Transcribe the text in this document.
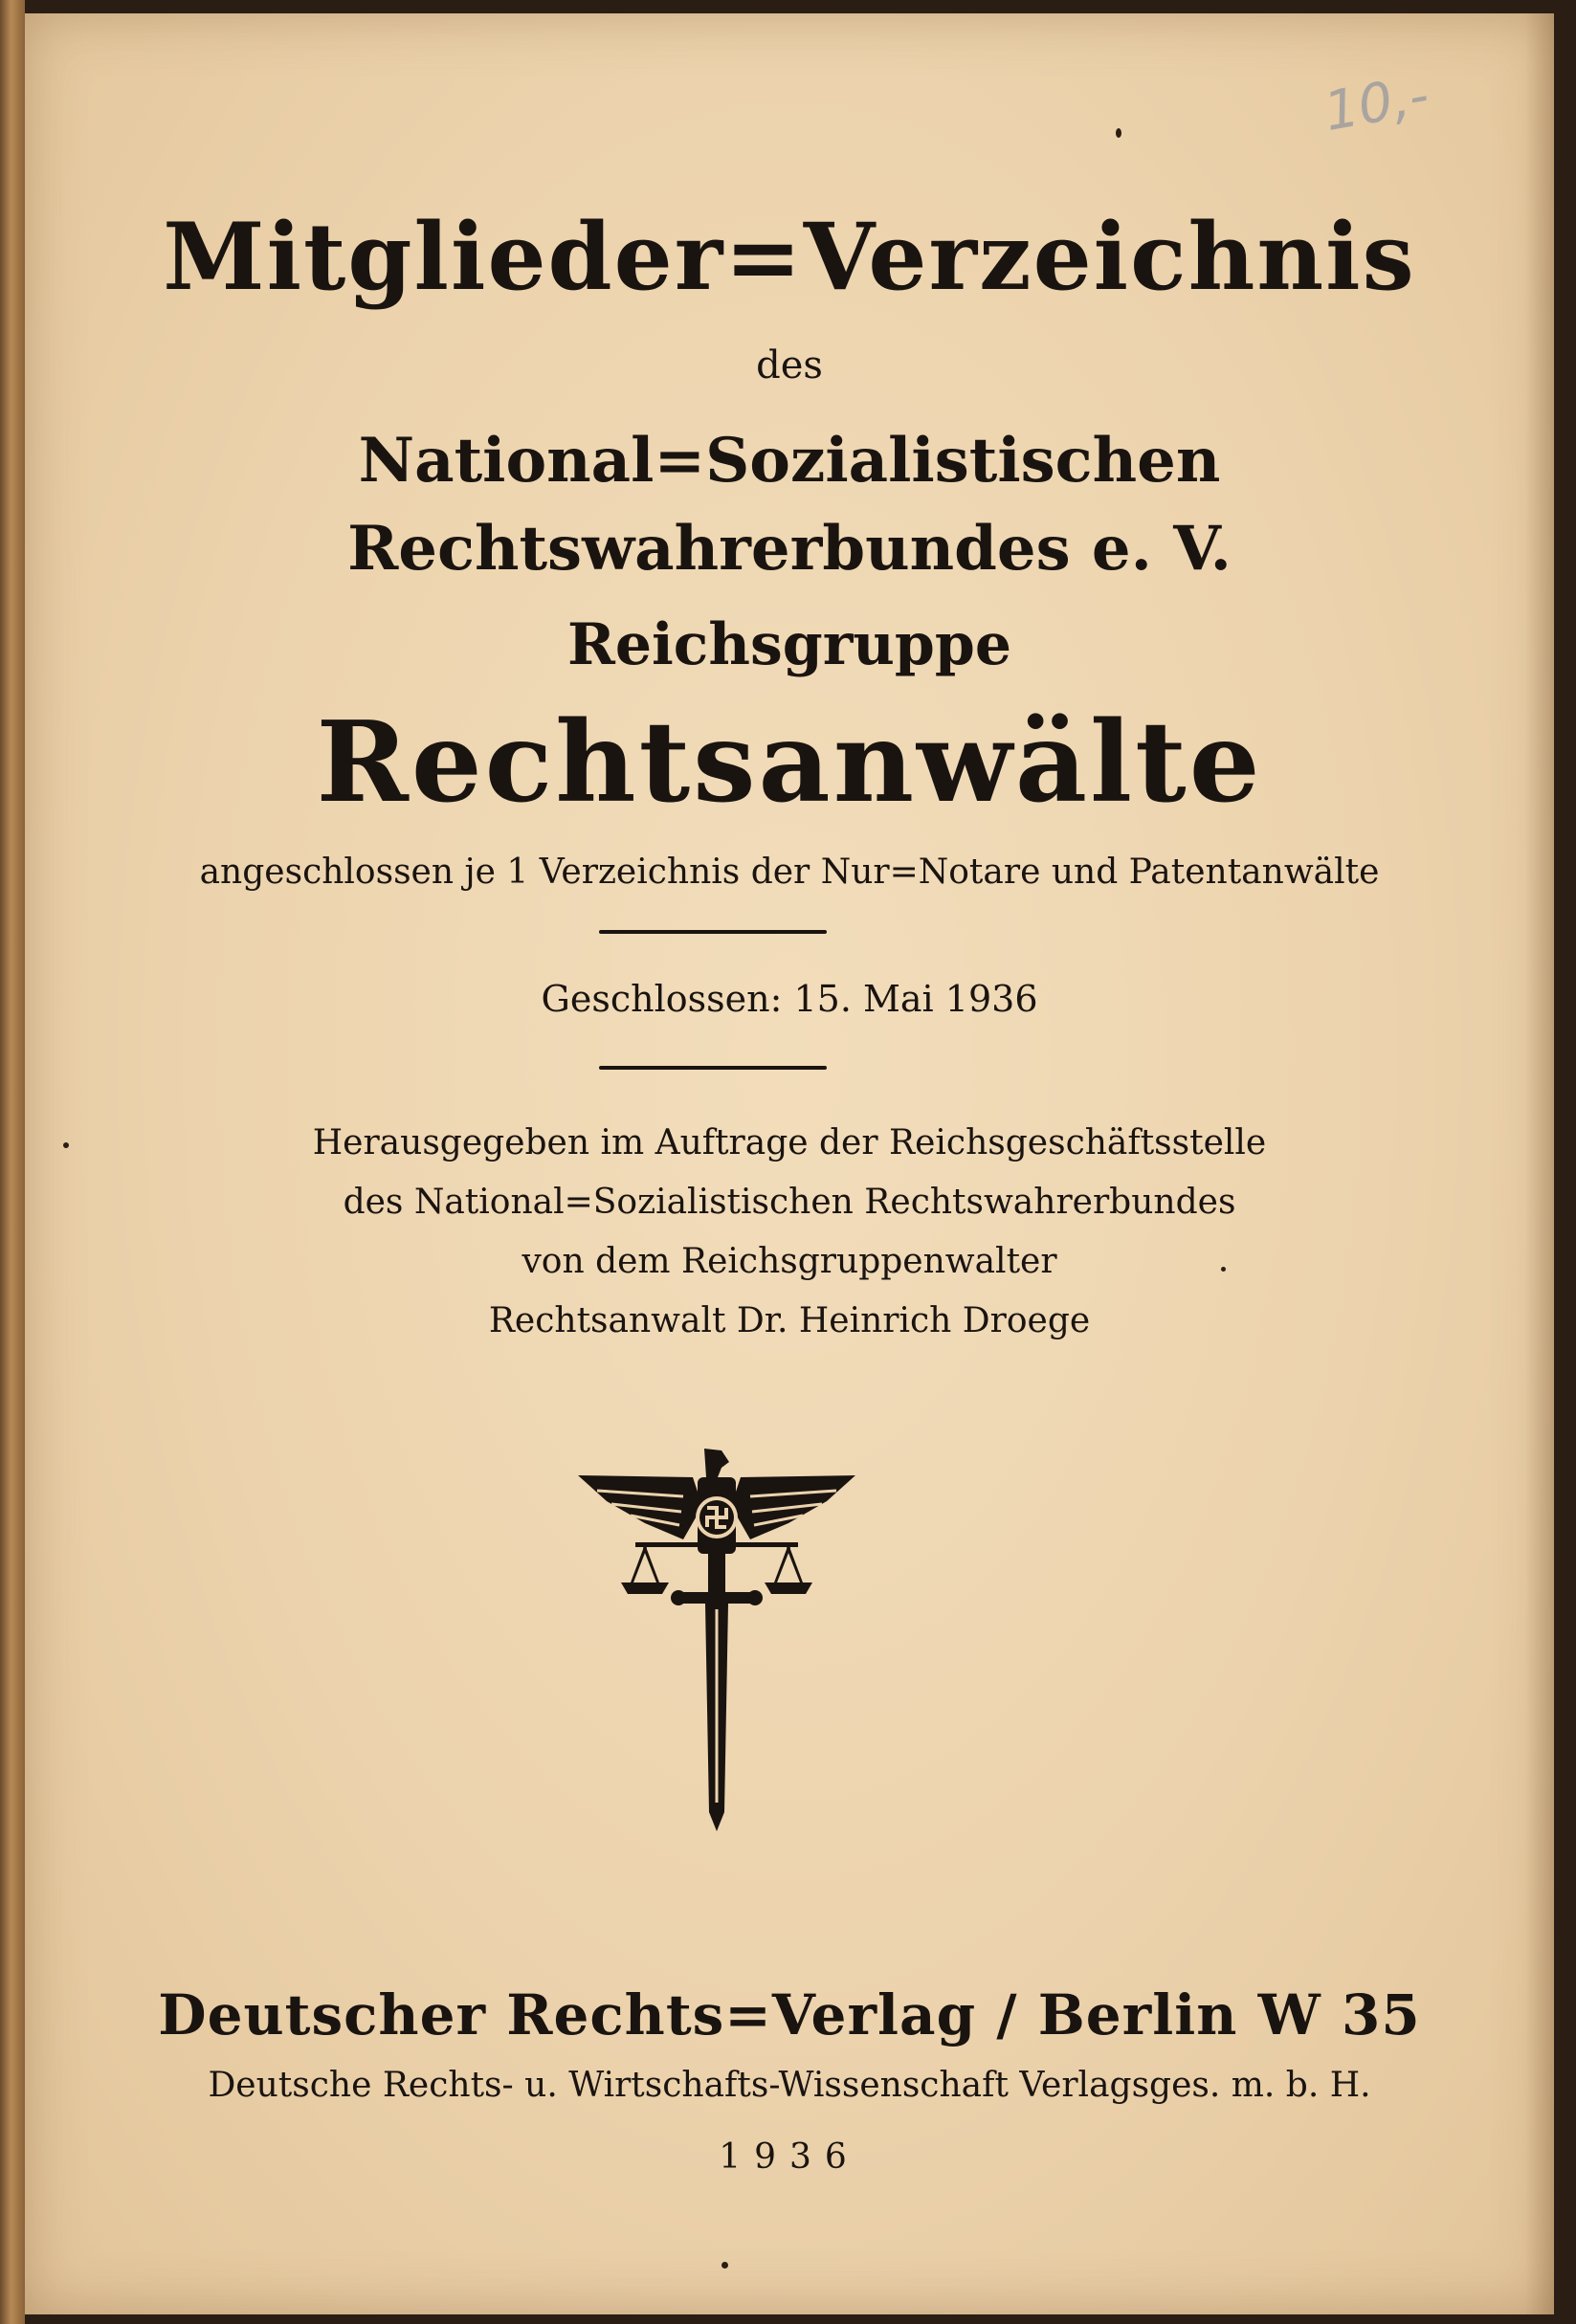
10,-
Mitglieder=Verzeichnis
des
National=Sozialistischen
Rechtswahrerbundes e. V.
Reichsgruppe
Rechtsanwälte
angeschlossen je 1 Verzeichnis der Nur=Notare und Patentanwälte
Geschlossen: 15. Mai 1936
Herausgegeben im Auftrage der Reichsgeschäftsstelle
des National=Sozialistischen Rechtswahrerbundes
von dem Reichsgruppenwalter
Rechtsanwalt Dr. Heinrich Droege
Deutscher Rechts=Verlag / Berlin W 35
Deutsche Rechts- u. Wirtschafts-Wissenschaft Verlagsges. m. b. H.
1936
